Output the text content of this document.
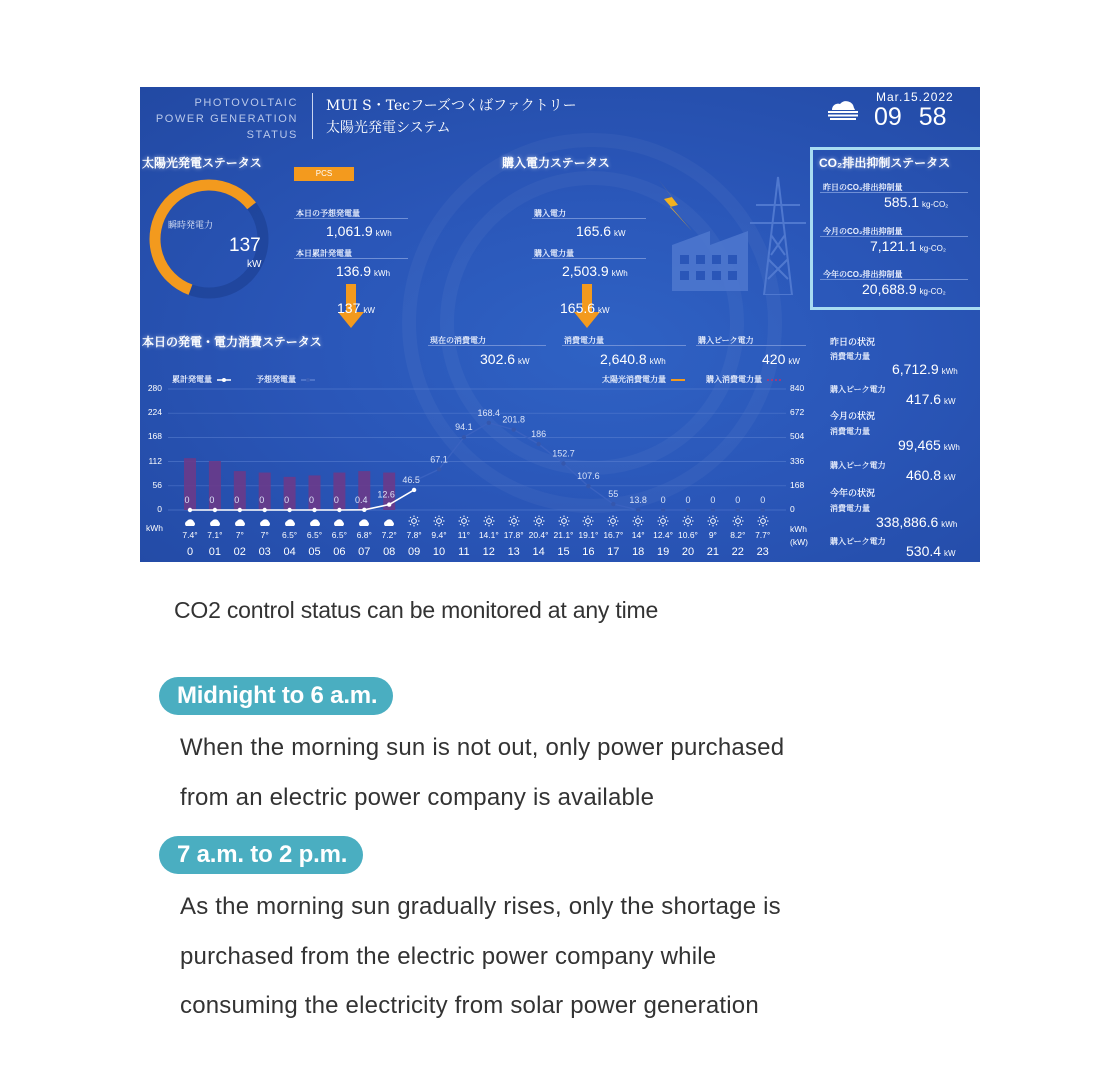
PHOTOVOLTAIC
POWER GENERATION
STATUS
MUI S・Tecフーズつくばファクトリー
太陽光発電システム
Mar.15.2022
09 58
太陽光発電ステータス
PCS
瞬時発電力
137
kW
本日の予想発電量
1,061.9 kWh
本日累計発電量
136.9 kWh
137 kW
購入電力ステータス
購入電力
165.6 kW
購入電力量
2,503.9 kWh
165.6 kW
CO₂排出抑制ステータス
昨日のCO₂排出抑制量
585.1 kg-CO₂
今月のCO₂排出抑制量
7,121.1 kg-CO₂
今年のCO₂排出抑制量
20,688.9 kg-CO₂
本日の発電・電力消費ステータス	現在の消費電力
302.6 kW
消費電力量
2,640.8 kWh
購入ピーク電力
420 kW
累計発電量	予想発電量	太陽光消費電力量	購入消費電力量
280
224
168
112
56
0
kWh
840
672
504
336
168
0
kWh
(kW)
0 0 0 0 0 0 0 0.4
12.6
46.5
67.1
94.1
168.4
201.8
186
152.7
107.6
55
13.8 0 0 0 0 0
7.4°	7.1°	7°	7°	6.5°	6.5°	6.5°	6.8°	7.2°	7.8°	9.4°	11°	14.1° 17.8° 20.4° 21.1° 19.1° 16.7° 14°	12.4° 10.6°	9°	8.2°	7.7°
0	01	02	03	04	05	06	07	08	09	10	11	12	13	14	15	16	17	18	19	20	21	22	23
昨日の状況
消費電力量
6,712.9 kWh
購入ピーク電力
417.6 kW
今月の状況
消費電力量
99,465 kWh
購入ピーク電力
460.8 kW
今年の状況
消費電力量
338,886.6 kWh
購入ピーク電力
530.4 kW
CO2 control status can be monitored at any time
Midnight to 6 a.m.
When the morning sun is not out, only power purchased
from an electric power company is available
7 a.m. to 2 p.m.
As the morning sun gradually rises, only the shortage is
purchased from the electric power company while
consuming the electricity from solar power generation
